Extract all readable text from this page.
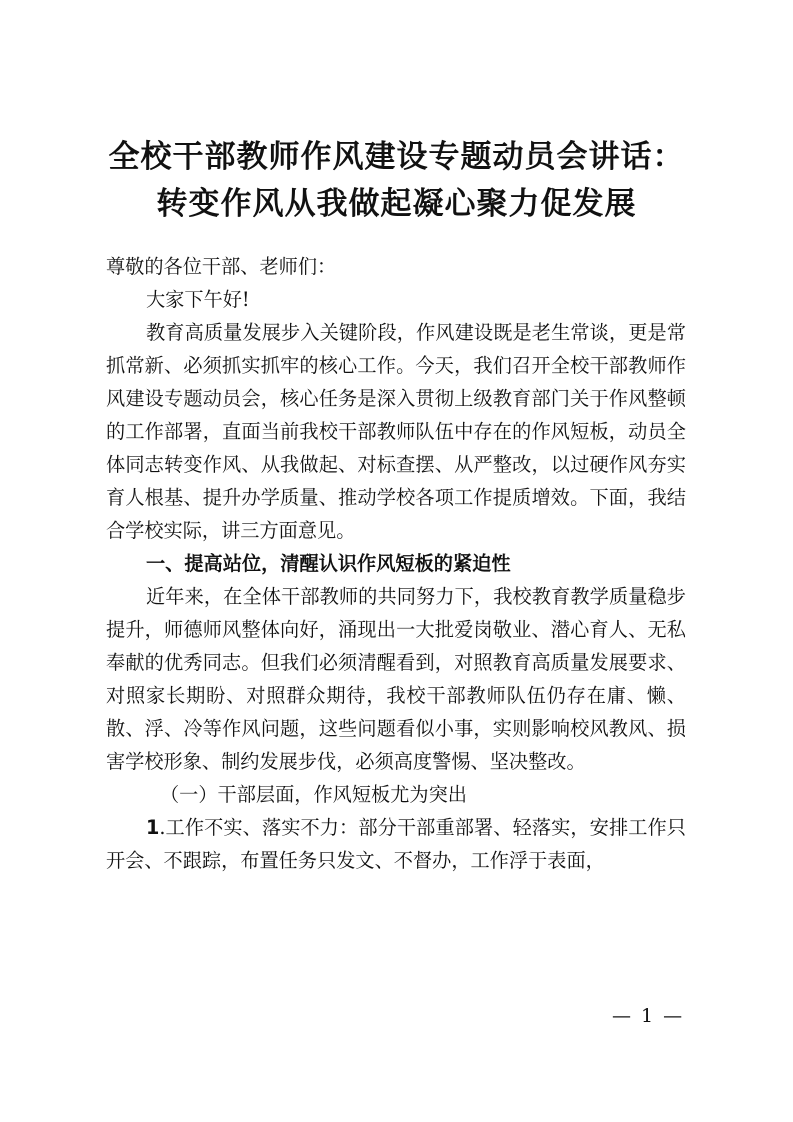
全校干部教师作风建设专题动员会讲话：
转变作风从我做起凝心聚力促发展

尊敬的各位干部、老师们：

大家下午好!

教育高质量发展步入关键阶段，作风建设既是老生常谈，更是常抓常新、必须抓实抓牢的核心工作。今天，我们召开全校干部教师作风建设专题动员会，核心任务是深入贯彻上级教育部门关于作风整顿的工作部署，直面当前我校干部教师队伍中存在的作风短板，动员全体同志转变作风、从我做起、对标查摆、从严整改，以过硬作风夯实育人根基、提升办学质量、推动学校各项工作提质增效。下面，我结合学校实际，讲三方面意见。

一、提高站位，清醒认识作风短板的紧迫性

近年来，在全体干部教师的共同努力下，我校教育教学质量稳步提升，师德师风整体向好，涌现出一大批爱岗敬业、潜心育人、无私奉献的优秀同志。但我们必须清醒看到，对照教育高质量发展要求、对照家长期盼、对照群众期待，我校干部教师队伍仍存在庸、懒、散、浮、冷等作风问题，这些问题看似小事，实则影响校风教风、损害学校形象、制约发展步伐，必须高度警惕、坚决整改。

（一）干部层面，作风短板尤为突出

1.工作不实、落实不力：部分干部重部署、轻落实，安排工作只开会、不跟踪，布置任务只发文、不督办，工作浮于表面，

— 1 —
